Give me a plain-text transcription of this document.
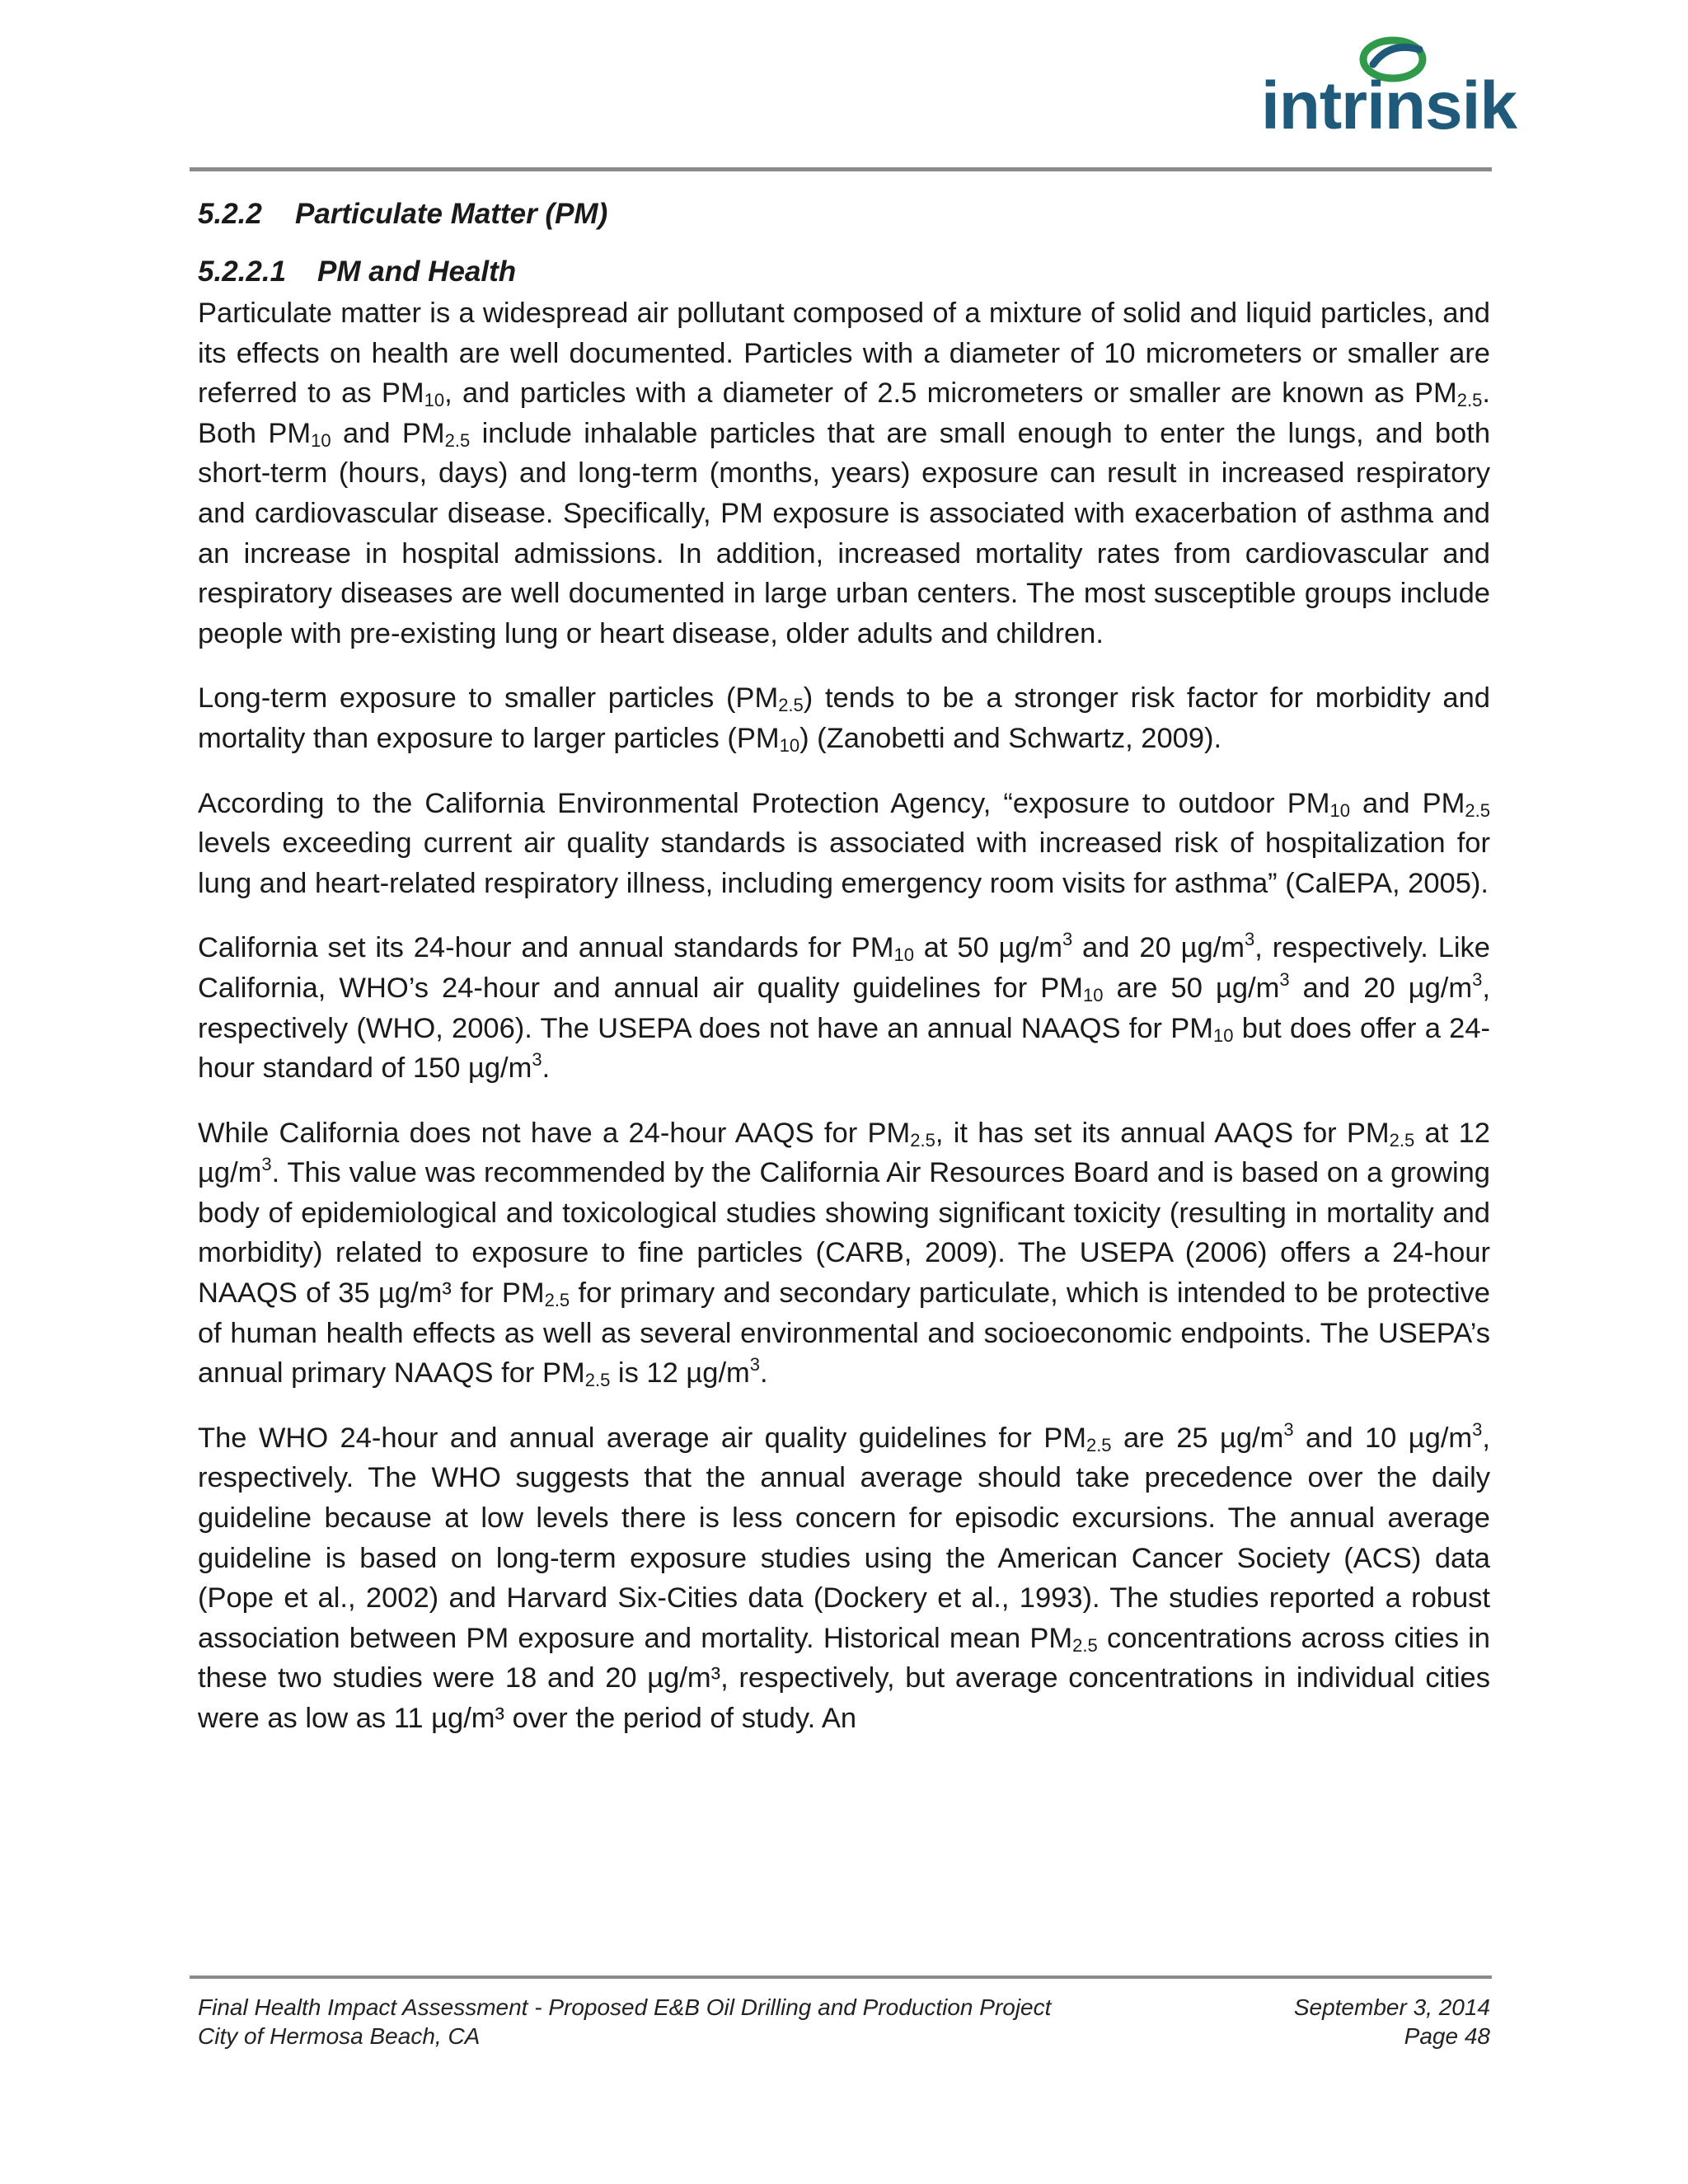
intrinsik
5.2.2 Particulate Matter (PM)
5.2.2.1 PM and Health

Particulate matter is a widespread air pollutant composed of a mixture of solid and liquid particles, and its effects on health are well documented. Particles with a diameter of 10 micrometers or smaller are referred to as $PM_{10}$, and particles with a diameter of 2.5 micrometers or smaller are known as $PM_{2.5}$. Both $PM_{10}$ and $PM_{2.5}$ include inhalable particles that are small enough to enter the lungs, and both short-term (hours, days) and long-term (months, years) exposure can result in increased respiratory and cardiovascular disease. Specifically, PM exposure is associated with exacerbation of asthma and an increase in hospital admissions. In addition, increased mortality rates from cardiovascular and respiratory diseases are well documented in large urban centers. The most susceptible groups include people with pre-existing lung or heart disease, older adults and children.

Long-term exposure to smaller particles $(PM_{2.5})$ tends to be a stronger risk factor for morbidity and mortality than exposure to larger particles $(PM_{10})$ (Zanobetti and Schwartz, 2009).

According to the California Environmental Protection Agency, “exposure to outdoor $PM_{10}$ and $PM_{2.5}$ levels exceeding current air quality standards is associated with increased risk of hospitalization for lung and heart-related respiratory illness, including emergency room visits for asthma” (CalEPA, 2005).

California set its 24-hour and annual standards for $PM_{10}$ at 50 $\mu g/m^3$ and 20 $\mu g/m^3$, respectively. Like California, WHO’s 24-hour and annual air quality guidelines for $PM_{10}$ are 50 $\mu g/m^3$ and 20 $\mu g/m^3$, respectively (WHO, 2006). The USEPA does not have an annual NAAQS for $PM_{10}$ but does offer a 24-hour standard of 150 $\mu g/m^3$.

While California does not have a 24-hour AAQS for $PM_{2.5}$, it has set its annual AAQS for $PM_{2.5}$ at 12 $\mu g/m^3$. This value was recommended by the California Air Resources Board and is based on a growing body of epidemiological and toxicological studies showing significant toxicity (resulting in mortality and morbidity) related to exposure to fine particles (CARB, 2009). The USEPA (2006) offers a 24-hour NAAQS of 35 µg/m³ for $PM_{2.5}$ for primary and secondary particulate, which is intended to be protective of human health effects as well as several environmental and socioeconomic endpoints. The USEPA’s annual primary NAAQS for $PM_{2.5}$ is 12 $\mu g/m^3$.

The WHO 24-hour and annual average air quality guidelines for $PM_{2.5}$ are 25 $\mu g/m^3$ and 10 $\mu g/m^3$, respectively. The WHO suggests that the annual average should take precedence over the daily guideline because at low levels there is less concern for episodic excursions. The annual average guideline is based on long-term exposure studies using the American Cancer Society (ACS) data (Pope et al., 2002) and Harvard Six-Cities data (Dockery et al., 1993). The studies reported a robust association between PM exposure and mortality. Historical mean $PM_{2.5}$ concentrations across cities in these two studies were 18 and 20 µg/m³, respectively, but average concentrations in individual cities were as low as 11 µg/m³ over the period of study. An

Final Health Impact Assessment - Proposed E&B Oil Drilling and Production Project	September 3, 2014
City of Hermosa Beach, CA	Page 48
